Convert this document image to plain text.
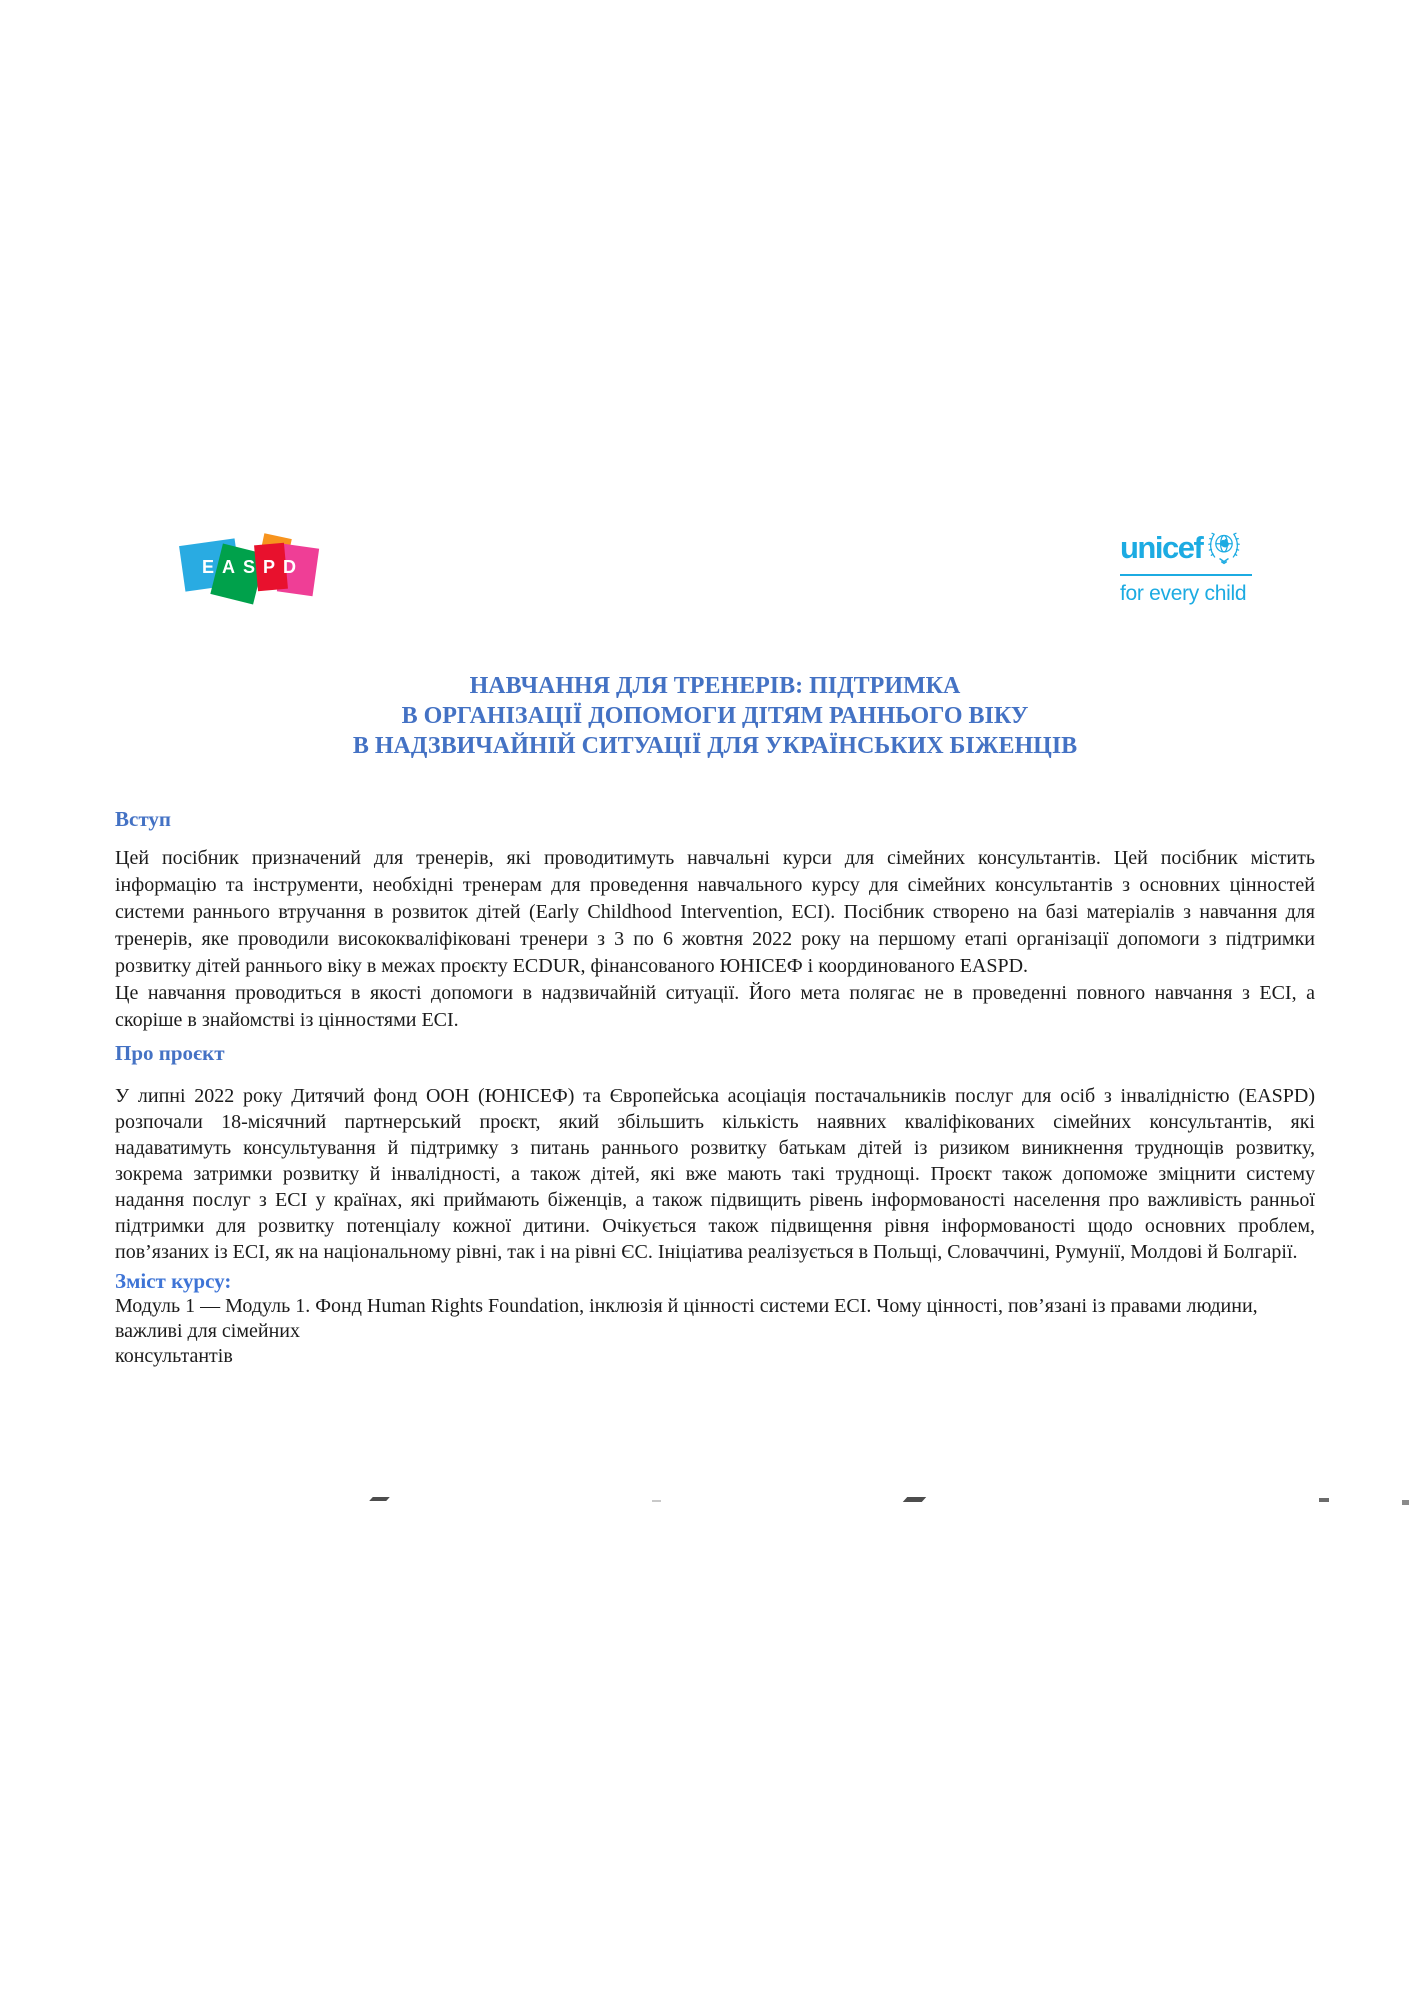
EASPD
unicef
for every child
НАВЧАННЯ ДЛЯ ТРЕНЕРІВ: ПІДТРИМКА
В ОРГАНІЗАЦІЇ ДОПОМОГИ ДІТЯМ РАННЬОГО ВІКУ
В НАДЗВИЧАЙНІЙ СИТУАЦІЇ ДЛЯ УКРАЇНСЬКИХ БІЖЕНЦІВ
Вступ
Цей посібник призначений для тренерів, які проводитимуть навчальні курси для сімейних консультантів. Цей посібник містить
інформацію та інструменти, необхідні тренерам для проведення навчального курсу для сімейних консультантів з основних цінностей
системи раннього втручання в розвиток дітей (Early Childhood Intervention, ECI). Посібник створено на базі матеріалів з навчання для
тренерів, яке проводили висококваліфіковані тренери з 3 по 6 жовтня 2022 року на першому етапі організації допомоги з підтримки
розвитку дітей раннього віку в межах проєкту ECDUR, фінансованого ЮНІСЕФ і координованого EASPD.
Це навчання проводиться в якості допомоги в надзвичайній ситуації. Його мета полягає не в проведенні повного навчання з ECI, а
скоріше в знайомстві із цінностями ECI.
Про проєкт
У липні 2022 року Дитячий фонд ООН (ЮНІСЕФ) та Європейська асоціація постачальників послуг для осіб з інвалідністю (EASPD)
розпочали 18-місячний партнерський проєкт, який збільшить кількість наявних кваліфікованих сімейних консультантів, які
надаватимуть консультування й підтримку з питань раннього розвитку батькам дітей із ризиком виникнення труднощів розвитку,
зокрема затримки розвитку й інвалідності, а також дітей, які вже мають такі труднощі. Проєкт також допоможе зміцнити систему
надання послуг з ECI у країнах, які приймають біженців, а також підвищить рівень інформованості населення про важливість ранньої
підтримки для розвитку потенціалу кожної дитини. Очікується також підвищення рівня інформованості щодо основних проблем,
пов’язаних із ECI, як на національному рівні, так і на рівні ЄС. Ініціатива реалізується в Польщі, Словаччині, Румунії, Молдові й Болгарії.
Зміст курсу:
Модуль 1 — Модуль 1. Фонд Human Rights Foundation, інклюзія й цінності системи ECI. Чому цінності, пов’язані із правами людини,
важливі для сімейних
консультантів
